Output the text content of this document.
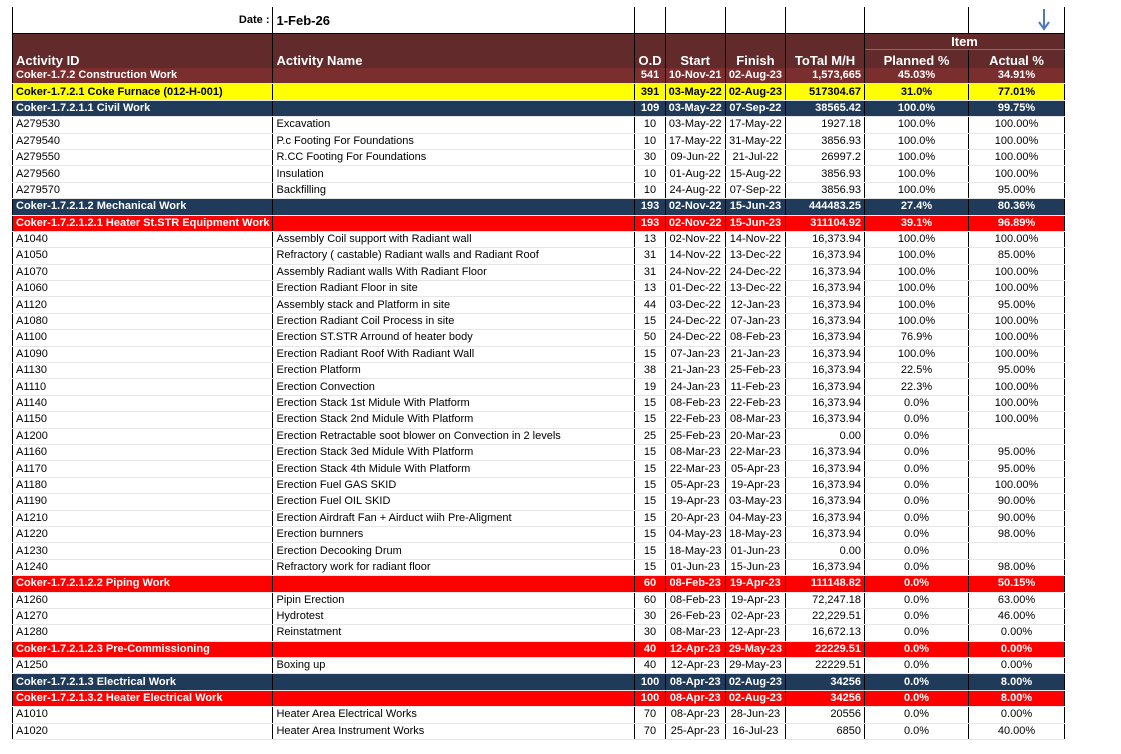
Date :	1-Feb-26						
						Item	
Activity ID	Activity Name	O.D	Start	Finish	ToTal M/H	Planned %	Actual %
Coker-1.7.2 Construction Work		541	10-Nov-21	02-Aug-23	1,573,665	45.03%	34.91%
Coker-1.7.2.1 Coke Furnace (012-H-001)		391	03-May-22	02-Aug-23	517304.67	31.0%	77.01%
Coker-1.7.2.1.1 Civil Work		109	03-May-22	07-Sep-22	38565.42	100.0%	99.75%
A279530	Excavation	10	03-May-22	17-May-22	1927.18	100.0%	100.00%
A279540	P.c Footing For Foundations	10	17-May-22	31-May-22	3856.93	100.0%	100.00%
A279550	R.CC Footing For Foundations	30	09-Jun-22	21-Jul-22	26997.2	100.0%	100.00%
A279560	Insulation	10	01-Aug-22	15-Aug-22	3856.93	100.0%	100.00%
A279570	Backfilling	10	24-Aug-22	07-Sep-22	3856.93	100.0%	95.00%
Coker-1.7.2.1.2 Mechanical Work		193	02-Nov-22	15-Jun-23	444483.25	27.4%	80.36%
Coker-1.7.2.1.2.1 Heater St.STR Equipment Work		193	02-Nov-22	15-Jun-23	311104.92	39.1%	96.89%
A1040	Assembly Coil support with Radiant wall	13	02-Nov-22	14-Nov-22	16,373.94	100.0%	100.00%
A1050	Refractory ( castable) Radiant walls and Radiant Roof	31	14-Nov-22	13-Dec-22	16,373.94	100.0%	85.00%
A1070	Assembly Radiant walls With Radiant Floor	31	24-Nov-22	24-Dec-22	16,373.94	100.0%	100.00%
A1060	Erection Radiant Floor in site	13	01-Dec-22	13-Dec-22	16,373.94	100.0%	100.00%
A1120	Assembly stack and Platform in site	44	03-Dec-22	12-Jan-23	16,373.94	100.0%	95.00%
A1080	Erection Radiant Coil Process in site	15	24-Dec-22	07-Jan-23	16,373.94	100.0%	100.00%
A1100	Erection ST.STR Arround of heater body	50	24-Dec-22	08-Feb-23	16,373.94	76.9%	100.00%
A1090	Erection Radiant Roof With Radiant Wall	15	07-Jan-23	21-Jan-23	16,373.94	100.0%	100.00%
A1130	Erection Platform	38	21-Jan-23	25-Feb-23	16,373.94	22.5%	95.00%
A1110	Erection Convection	19	24-Jan-23	11-Feb-23	16,373.94	22.3%	100.00%
A1140	Erection Stack 1st Midule With Platform	15	08-Feb-23	22-Feb-23	16,373.94	0.0%	100.00%
A1150	Erection Stack 2nd Midule With Platform	15	22-Feb-23	08-Mar-23	16,373.94	0.0%	100.00%
A1200	Erection Retractable soot blower on Convection in 2 levels	25	25-Feb-23	20-Mar-23	0.00	0.0%	
A1160	Erection Stack 3ed Midule With Platform	15	08-Mar-23	22-Mar-23	16,373.94	0.0%	95.00%
A1170	Erection Stack 4th Midule With Platform	15	22-Mar-23	05-Apr-23	16,373.94	0.0%	95.00%
A1180	Erection Fuel GAS SKID	15	05-Apr-23	19-Apr-23	16,373.94	0.0%	100.00%
A1190	Erection Fuel OIL SKID	15	19-Apr-23	03-May-23	16,373.94	0.0%	90.00%
A1210	Erection Airdraft Fan + Airduct wiih Pre-Aligment	15	20-Apr-23	04-May-23	16,373.94	0.0%	90.00%
A1220	Erection burnners	15	04-May-23	18-May-23	16,373.94	0.0%	98.00%
A1230	Erection Decooking Drum	15	18-May-23	01-Jun-23	0.00	0.0%	
A1240	Refractory work for radiant floor	15	01-Jun-23	15-Jun-23	16,373.94	0.0%	98.00%
Coker-1.7.2.1.2.2 Piping Work		60	08-Feb-23	19-Apr-23	111148.82	0.0%	50.15%
A1260	Pipin Erection	60	08-Feb-23	19-Apr-23	72,247.18	0.0%	63.00%
A1270	Hydrotest	30	26-Feb-23	02-Apr-23	22,229.51	0.0%	46.00%
A1280	Reinstatment	30	08-Mar-23	12-Apr-23	16,672.13	0.0%	0.00%
Coker-1.7.2.1.2.3 Pre-Commissioning		40	12-Apr-23	29-May-23	22229.51	0.0%	0.00%
A1250	Boxing up	40	12-Apr-23	29-May-23	22229.51	0.0%	0.00%
Coker-1.7.2.1.3 Electrical Work		100	08-Apr-23	02-Aug-23	34256	0.0%	8.00%
Coker-1.7.2.1.3.2 Heater Electrical Work		100	08-Apr-23	02-Aug-23	34256	0.0%	8.00%
A1010	Heater Area Electrical Works	70	08-Apr-23	28-Jun-23	20556	0.0%	0.00%
A1020	Heater Area Instrument Works	70	25-Apr-23	16-Jul-23	6850	0.0%	40.00%
